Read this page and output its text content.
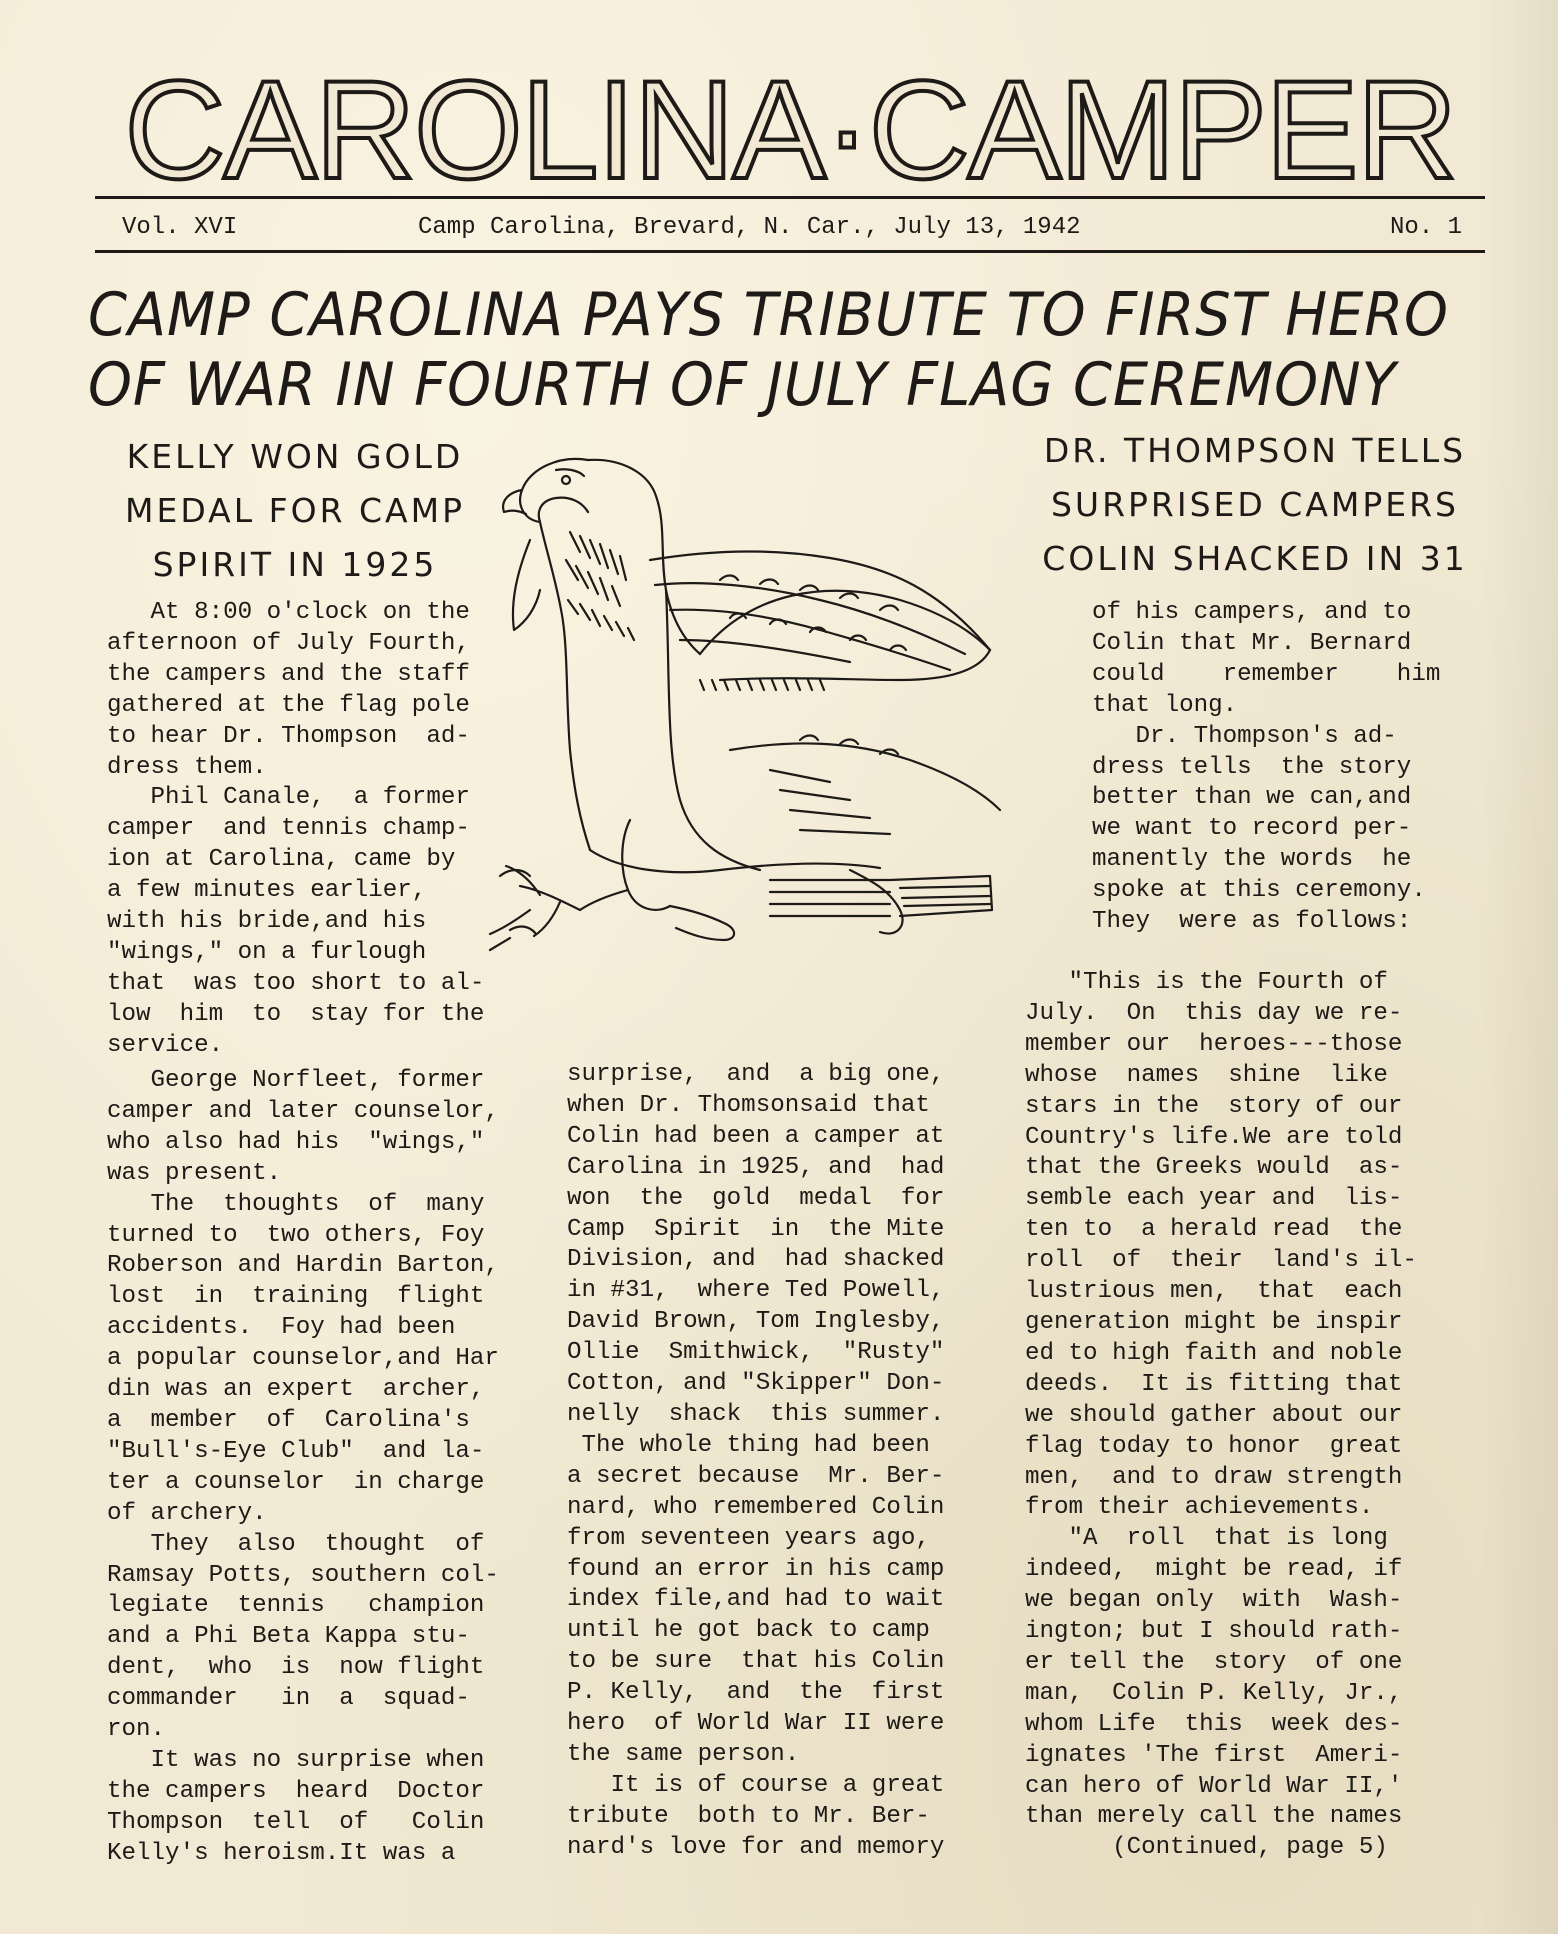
CAROLINA·CAMPER
Vol. XVI	Camp Carolina, Brevard, N. Car., July 13, 1942	No. 1
CAMP CAROLINA PAYS TRIBUTE TO FIRST HERO
OF WAR IN FOURTH OF JULY FLAG CEREMONY
KELLY WON GOLD
MEDAL FOR CAMP
SPIRIT IN 1925
DR. THOMPSON TELLS
SURPRISED CAMPERS
COLIN SHACKED IN 31
At 8:00 o'clock on the
afternoon of July Fourth,
the campers and the staff
gathered at the flag pole
to hear Dr. Thompson  ad-
dress them.
Phil Canale,  a former
camper  and tennis champ-
ion at Carolina, came by
a few minutes earlier,
with his bride,and his
"wings," on a furlough
that  was too short to al-
low  him  to  stay for the
service.
George Norfleet, former
camper and later counselor,
who also had his  "wings,"
was present.
The  thoughts  of  many
turned to  two others, Foy
Roberson and Hardin Barton,
lost  in  training  flight
accidents.  Foy had been
a popular counselor,and Har
din was an expert  archer,
a  member  of  Carolina's
"Bull's-Eye Club"  and la-
ter a counselor  in charge
of archery.
They  also  thought  of
Ramsay Potts, southern col-
legiate  tennis   champion
and a Phi Beta Kappa stu-
dent,  who  is  now flight
commander   in  a  squad-
ron.
It was no surprise when
the campers  heard  Doctor
Thompson  tell  of   Colin
Kelly's heroism.It was a
surprise,  and  a big one,
when Dr. Thomsonsaid that
Colin had been a camper at
Carolina in 1925, and  had
won  the  gold  medal  for
Camp  Spirit  in  the Mite
Division, and  had shacked
in #31,  where Ted Powell,
David Brown, Tom Inglesby,
Ollie  Smithwick,  "Rusty"
Cotton, and "Skipper" Don-
nelly  shack  this summer.
The whole thing had been
a secret because  Mr. Ber-
nard, who remembered Colin
from seventeen years ago,
found an error in his camp
index file,and had to wait
until he got back to camp
to be sure  that his Colin
P. Kelly,  and  the  first
hero  of World War II were
the same person.
It is of course a great
tribute  both to Mr. Ber-
nard's love for and memory
of his campers, and to
Colin that Mr. Bernard
could    remember    him
that long.
Dr. Thompson's ad-
dress tells  the story
better than we can,and
we want to record per-
manently the words  he
spoke at this ceremony.
They  were as follows:
"This is the Fourth of
July.  On  this day we re-
member our  heroes---those
whose  names  shine  like
stars in the  story of our
Country's life.We are told
that the Greeks would  as-
semble each year and  lis-
ten to  a herald read  the
roll  of  their  land's il-
lustrious men,  that  each
generation might be inspir
ed to high faith and noble
deeds.  It is fitting that
we should gather about our
flag today to honor  great
men,  and to draw strength
from their achievements.
"A  roll  that is long
indeed,  might be read, if
we began only  with  Wash-
ington; but I should rath-
er tell the  story  of one
man,  Colin P. Kelly, Jr.,
whom Life  this  week des-
ignates 'The first  Ameri-
can hero of World War II,'
than merely call the names
(Continued, page 5)
